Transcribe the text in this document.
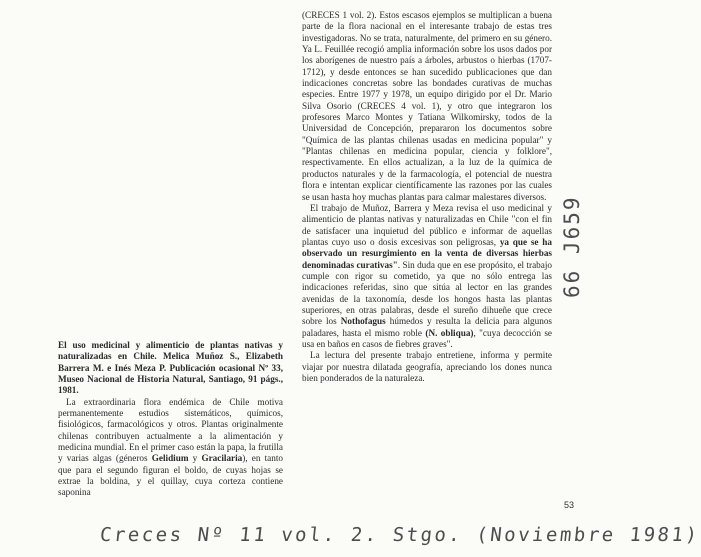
(CRECES 1 vol. 2). Estos escasos ejemplos se multiplican a buena parte de la flora nacional en el interesante trabajo de estas tres investigadoras. No se trata, naturalmente, del primero en su género. Ya L. Feuillée recogió amplia información sobre los usos dados por los aborígenes de nuestro país a árboles, arbustos o hierbas (1707-1712), y desde entonces se han sucedido publicaciones que dan indicaciones concretas sobre las bondades curativas de muchas especies. Entre 1977 y 1978, un equipo dirigido por el Dr. Mario Silva Osorio (CRECES 4 vol. 1), y otro que integraron los profesores Marco Montes y Tatiana Wilkomirsky, todos de la Universidad de Concepción, prepararon los documentos sobre "Química de las plantas chilenas usadas en medicina popular" y "Plantas chilenas en medicina popular, ciencia y folklore", respectivamente. En ellos actualizan, a la luz de la química de productos naturales y de la farmacología, el potencial de nuestra flora e intentan explicar científicamente las razones por las cuales se usan hasta hoy muchas plantas para calmar malestares diversos.

El trabajo de Muñoz, Barrera y Meza revisa el uso medicinal y alimenticio de plantas nativas y naturalizadas en Chile "con el fin de satisfacer una inquietud del público e informar de aquellas plantas cuyo uso o dosis excesivas son peligrosas, ya que se ha observado un resurgimiento en la venta de diversas hierbas denominadas curativas". Sin duda que en ese propósito, el trabajo cumple con rigor su cometido, ya que no sólo entrega las indicaciones referidas, sino que sitúa al lector en las grandes avenidas de la taxonomía, desde los hongos hasta las plantas superiores, en otras palabras, desde el sureño dihueñe que crece sobre los Nothofagus húmedos y resulta la delicia para algunos paladares, hasta el mismo roble (N. obliqua), "cuya decocción se usa en baños en casos de fiebres graves".

La lectura del presente trabajo entretiene, informa y permite viajar por nuestra dilatada geografía, apreciando los dones nunca bien ponderados de la naturaleza.

El uso medicinal y alimenticio de plantas nativas y naturalizadas en Chile. Melica Muñoz S., Elizabeth Barrera M. e Inés Meza P. Publicación ocasional Nº 33, Museo Nacional de Historia Natural, Santiago, 91 págs., 1981.

La extraordinaria flora endémica de Chile motiva permanentemente estudios sistemáticos, químicos, fisiológicos, farmacológicos y otros. Plantas originalmente chilenas contribuyen actualmente a la alimentación y medicina mundial. En el primer caso están la papa, la frutilla y varias algas (géneros Gelidium y Gracilaria), en tanto que para el segundo figuran el boldo, de cuyas hojas se extrae la boldina, y el quillay, cuya corteza contiene saponina

53
66 J659
Creces Nº 11 vol. 2. Stgo. (Noviembre 1981)
